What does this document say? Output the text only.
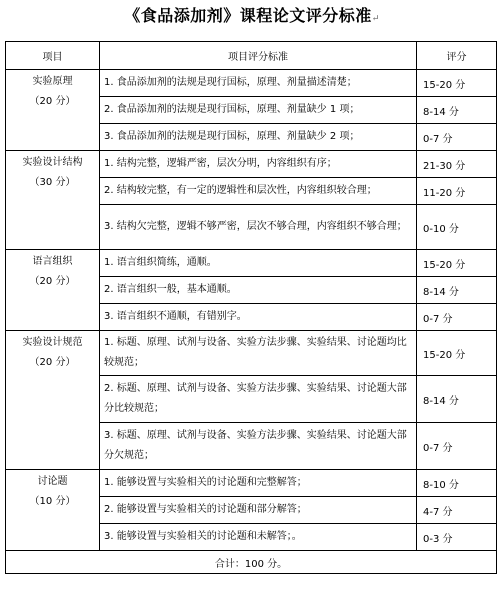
《食品添加剂》课程论文评分标准↵
项目	项目评分标准	评分

实验原理
（20 分）	1. 食品添加剂的法规是现行国标，原理、剂量描述清楚；	15-20 分
	2. 食品添加剂的法规是现行国标，原理、剂量缺少 1 项；	8-14 分
	3. 食品添加剂的法规是现行国标，原理、剂量缺少 2 项；	0-7 分

实验设计结构
（30 分）	1. 结构完整，逻辑严密，层次分明，内容组织有序；	21-30 分
	2. 结构较完整，有一定的逻辑性和层次性，内容组织较合理；	11-20 分
	3. 结构欠完整，逻辑不够严密，层次不够合理，内容组织不够合理；	0-10 分

语言组织
（20 分）	1. 语言组织简练，通顺。	15-20 分
	2. 语言组织一般，基本通顺。	8-14 分
	3. 语言组织不通顺，有错别字。	0-7 分

实验设计规范
（20 分）	1. 标题、原理、试剂与设备、实验方法步骤、实验结果、讨论题均比较规范；	15-20 分
	2. 标题、原理、试剂与设备、实验方法步骤、实验结果、讨论题大部分比较规范；	8-14 分
	3. 标题、原理、试剂与设备、实验方法步骤、实验结果、讨论题大部分欠规范；	0-7 分

讨论题
（10 分）	1. 能够设置与实验相关的讨论题和完整解答；	8-10 分
	2. 能够设置与实验相关的讨论题和部分解答；	4-7 分
	3. 能够设置与实验相关的讨论题和未解答；。	0-3 分
合计：100 分。		
